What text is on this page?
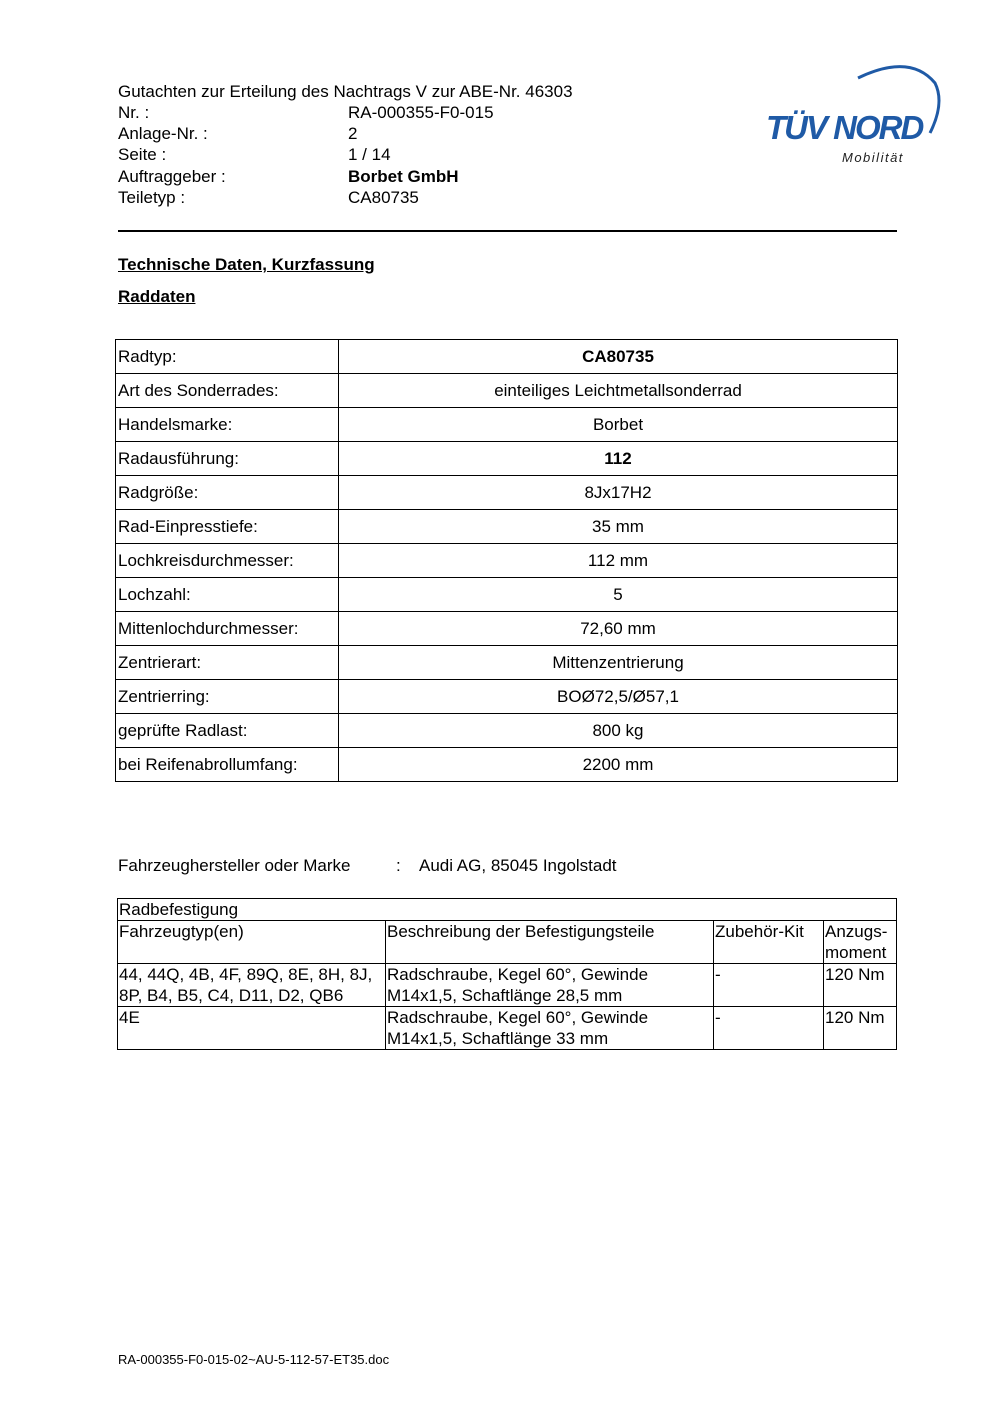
Gutachten zur Erteilung des Nachtrags V zur ABE-Nr. 46303
Nr. :	RA-000355-F0-015
Anlage-Nr. :	2
Seite :	1 / 14
Auftraggeber :	Borbet GmbH
Teiletyp :	CA80735
TÜV NORD
Mobilität
Technische Daten, Kurzfassung
Raddaten
Radtyp:	CA80735
Art des Sonderrades:	einteiliges Leichtmetallsonderrad
Handelsmarke:	Borbet
Radausführung:	112
Radgröße:	8Jx17H2
Rad-Einpresstiefe:	35 mm
Lochkreisdurchmesser:	112 mm
Lochzahl:	5
Mittenlochdurchmesser:	72,60 mm
Zentrierart:	Mittenzentrierung
Zentrierring:	BOØ72,5/Ø57,1
geprüfte Radlast:	800 kg
bei Reifenabrollumfang:	2200 mm
Fahrzeughersteller oder Marke	: Audi AG, 85045 Ingolstadt
Radbefestigung			
Fahrzeugtyp(en)	Beschreibung der Befestigungsteile	Zubehör-Kit	Anzugs-
moment
44, 44Q, 4B, 4F, 89Q, 8E, 8H, 8J, 8P, B4, B5, C4, D11, D2, QB6	Radschraube, Kegel 60°, Gewinde M14x1,5, Schaftlänge 28,5 mm	-	120 Nm
4E	Radschraube, Kegel 60°, Gewinde M14x1,5, Schaftlänge 33 mm	-	120 Nm
RA-000355-F0-015-02~AU-5-112-57-ET35.doc
